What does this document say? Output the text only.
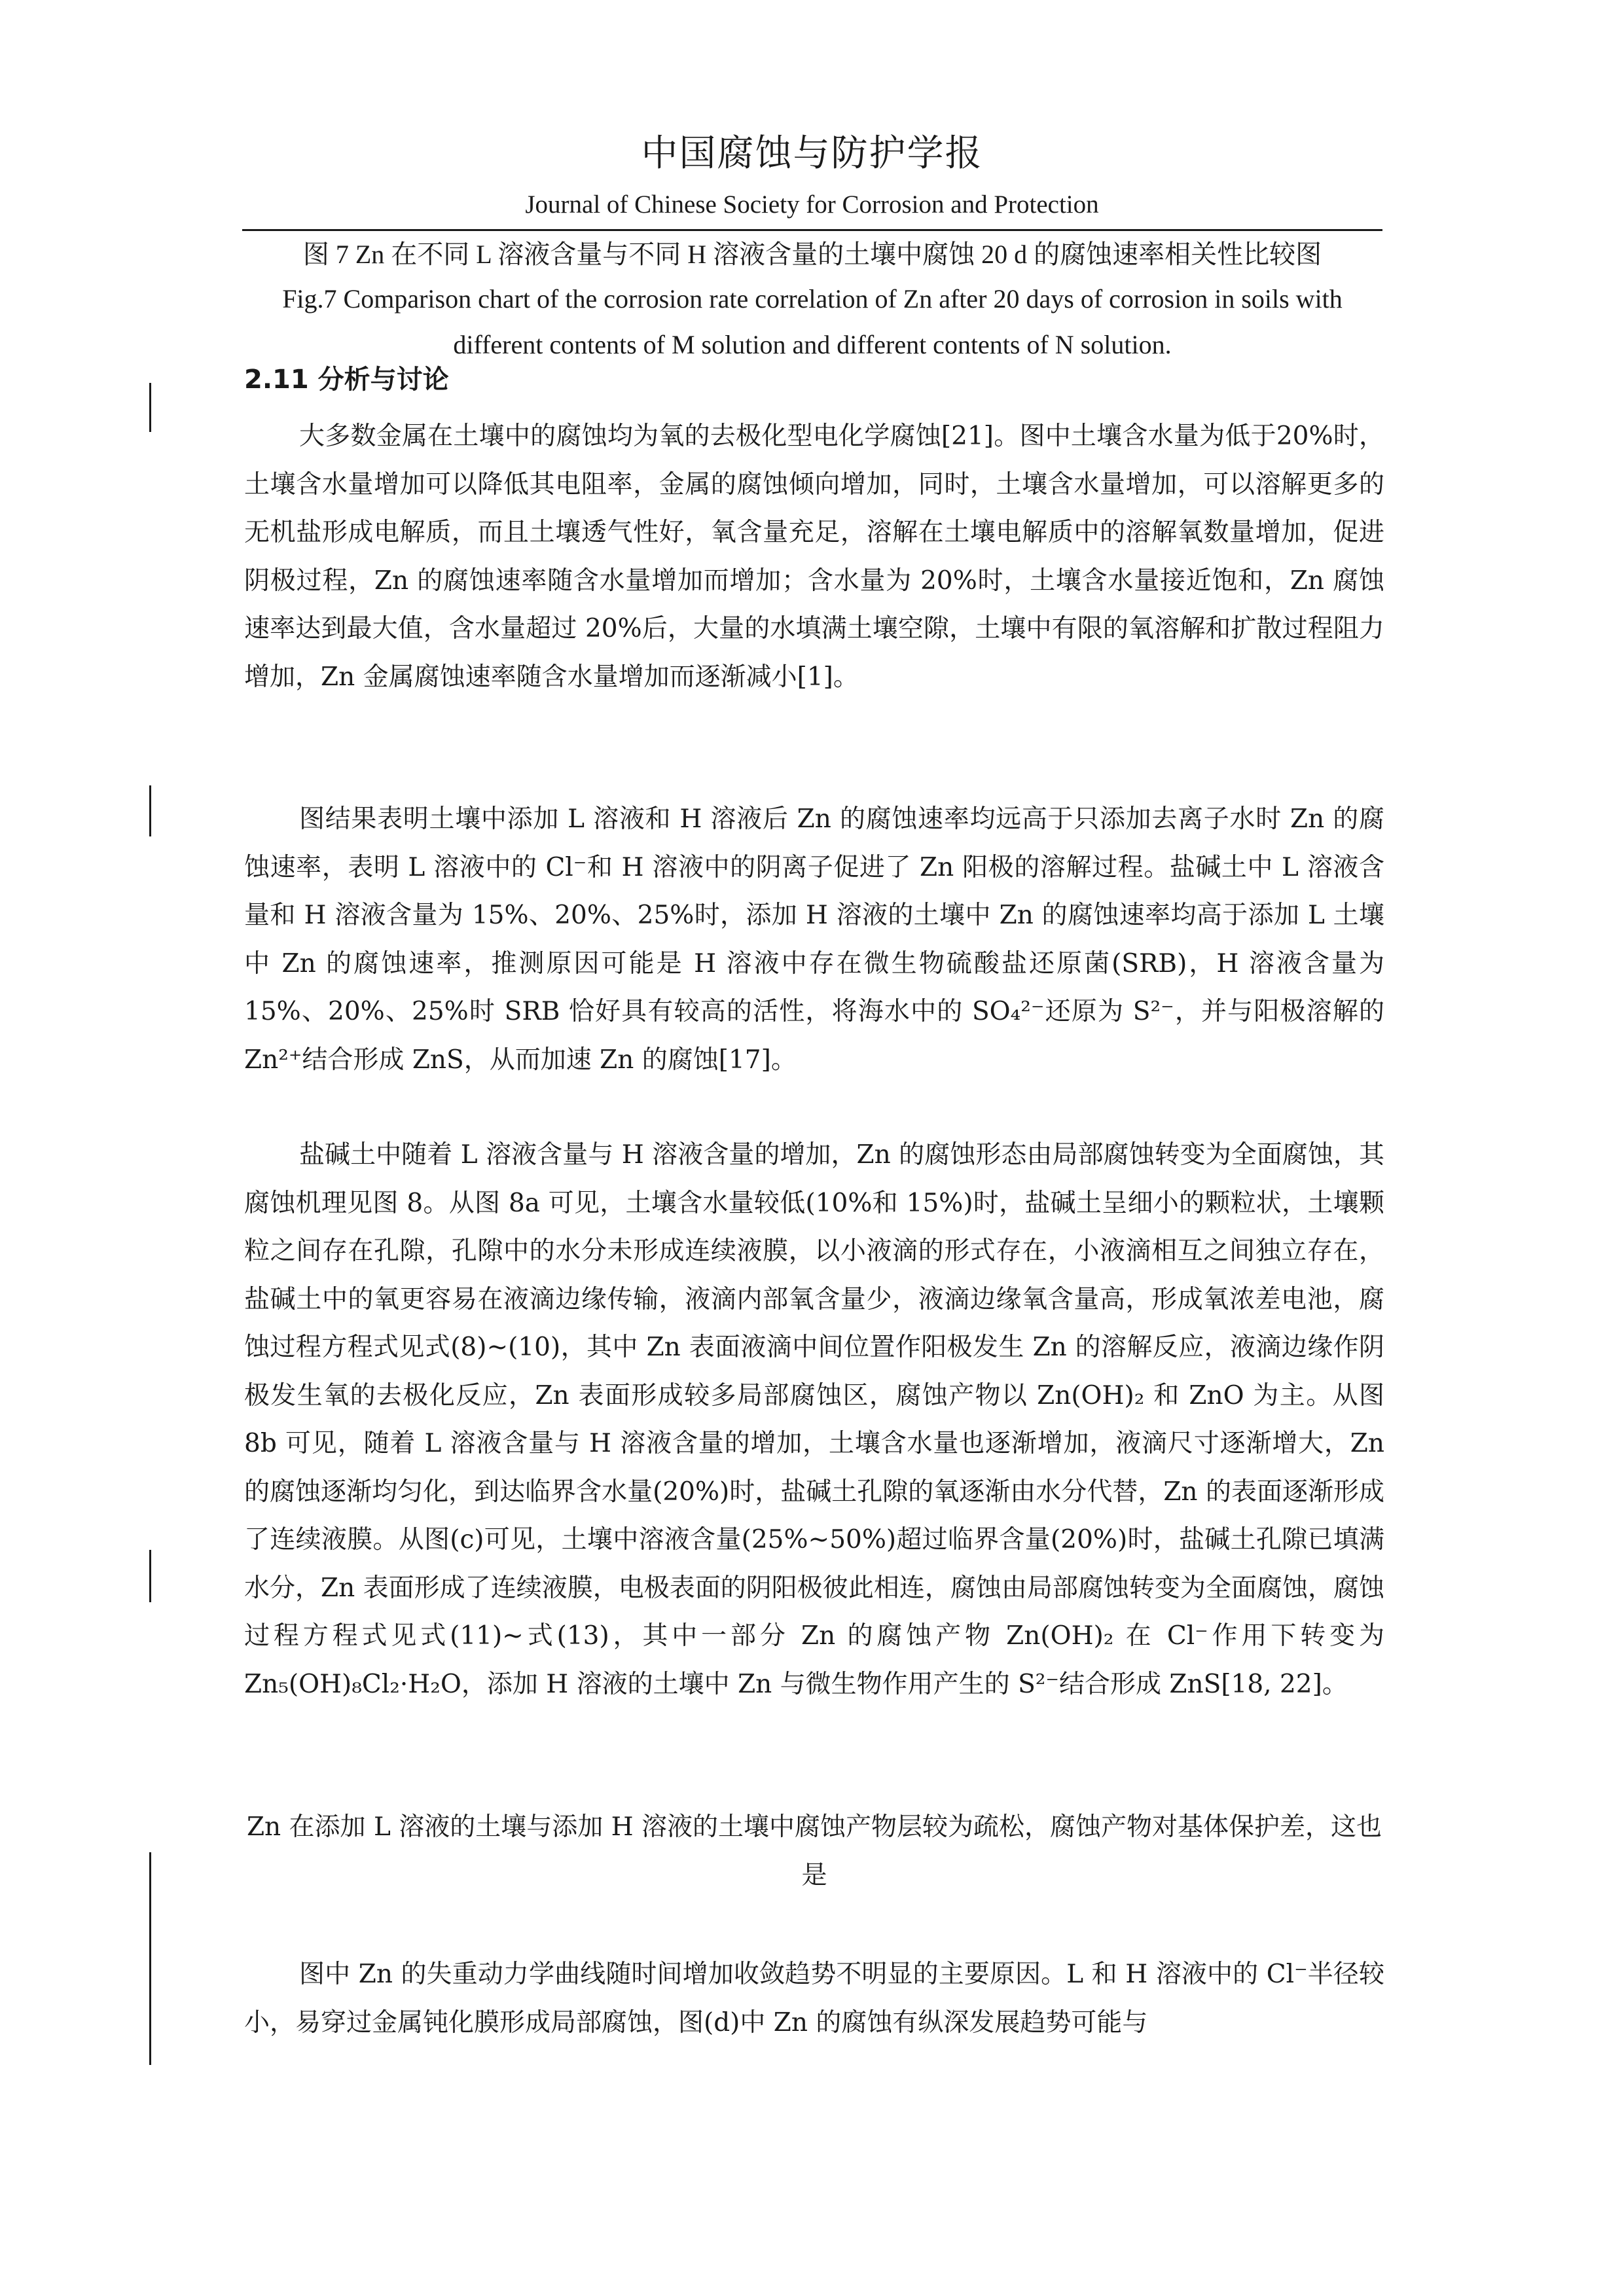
中国腐蚀与防护学报
Journal of Chinese Society for Corrosion and Protection
图 7 Zn 在不同 L 溶液含量与不同 H 溶液含量的土壤中腐蚀 20 d 的腐蚀速率相关性比较图
Fig.7 Comparison chart of the corrosion rate correlation of Zn after 20 days of corrosion in soils with different contents of M solution and different contents of N solution.
2.11 分析与讨论

大多数金属在土壤中的腐蚀均为氧的去极化型电化学腐蚀[21]。图中土壤含水量为低于20%时，土壤含水量增加可以降低其电阻率，金属的腐蚀倾向增加，同时，土壤含水量增加，可以溶解更多的无机盐形成电解质，而且土壤透气性好，氧含量充足，溶解在土壤电解质中的溶解氧数量增加，促进阴极过程，Zn 的腐蚀速率随含水量增加而增加；含水量为 20%时，土壤含水量接近饱和，Zn 腐蚀速率达到最大值，含水量超过 20%后，大量的水填满土壤空隙，土壤中有限的氧溶解和扩散过程阻力增加，Zn 金属腐蚀速率随含水量增加而逐渐减小[1]。

图结果表明土壤中添加 L 溶液和 H 溶液后 Zn 的腐蚀速率均远高于只添加去离子水时 Zn 的腐蚀速率，表明 L 溶液中的 Cl⁻和 H 溶液中的阴离子促进了 Zn 阳极的溶解过程。盐碱土中 L 溶液含量和 H 溶液含量为 15%、20%、25%时，添加 H 溶液的土壤中 Zn 的腐蚀速率均高于添加 L 土壤中 Zn 的腐蚀速率，推测原因可能是 H 溶液中存在微生物硫酸盐还原菌(SRB)，H 溶液含量为 15%、20%、25%时 SRB 恰好具有较高的活性，将海水中的 SO₄²⁻还原为 S²⁻，并与阳极溶解的 Zn²⁺结合形成 ZnS，从而加速 Zn 的腐蚀[17]。

盐碱土中随着 L 溶液含量与 H 溶液含量的增加，Zn 的腐蚀形态由局部腐蚀转变为全面腐蚀，其腐蚀机理见图 8。从图 8a 可见，土壤含水量较低(10%和 15%)时，盐碱土呈细小的颗粒状，土壤颗粒之间存在孔隙，孔隙中的水分未形成连续液膜，以小液滴的形式存在，小液滴相互之间独立存在，盐碱土中的氧更容易在液滴边缘传输，液滴内部氧含量少，液滴边缘氧含量高，形成氧浓差电池，腐蚀过程方程式见式(8)~(10)，其中 Zn 表面液滴中间位置作阳极发生 Zn 的溶解反应，液滴边缘作阴极发生氧的去极化反应，Zn 表面形成较多局部腐蚀区，腐蚀产物以 Zn(OH)₂ 和 ZnO 为主。从图 8b 可见，随着 L 溶液含量与 H 溶液含量的增加，土壤含水量也逐渐增加，液滴尺寸逐渐增大，Zn 的腐蚀逐渐均匀化，到达临界含水量(20%)时，盐碱土孔隙的氧逐渐由水分代替，Zn 的表面逐渐形成了连续液膜。从图(c)可见，土壤中溶液含量(25%~50%)超过临界含量(20%)时，盐碱土孔隙已填满水分，Zn 表面形成了连续液膜，电极表面的阴阳极彼此相连，腐蚀由局部腐蚀转变为全面腐蚀，腐蚀过程方程式见式(11)~式(13)，其中一部分 Zn 的腐蚀产物 Zn(OH)₂ 在 Cl⁻作用下转变为 Zn₅(OH)₈Cl₂·H₂O，添加 H 溶液的土壤中 Zn 与微生物作用产生的 S²⁻结合形成 ZnS[18, 22]。

Zn 在添加 L 溶液的土壤与添加 H 溶液的土壤中腐蚀产物层较为疏松，腐蚀产物对基体保护差，这也是

图中 Zn 的失重动力学曲线随时间增加收敛趋势不明显的主要原因。L 和 H 溶液中的 Cl⁻半径较小，易穿过金属钝化膜形成局部腐蚀，图(d)中 Zn 的腐蚀有纵深发展趋势可能与
